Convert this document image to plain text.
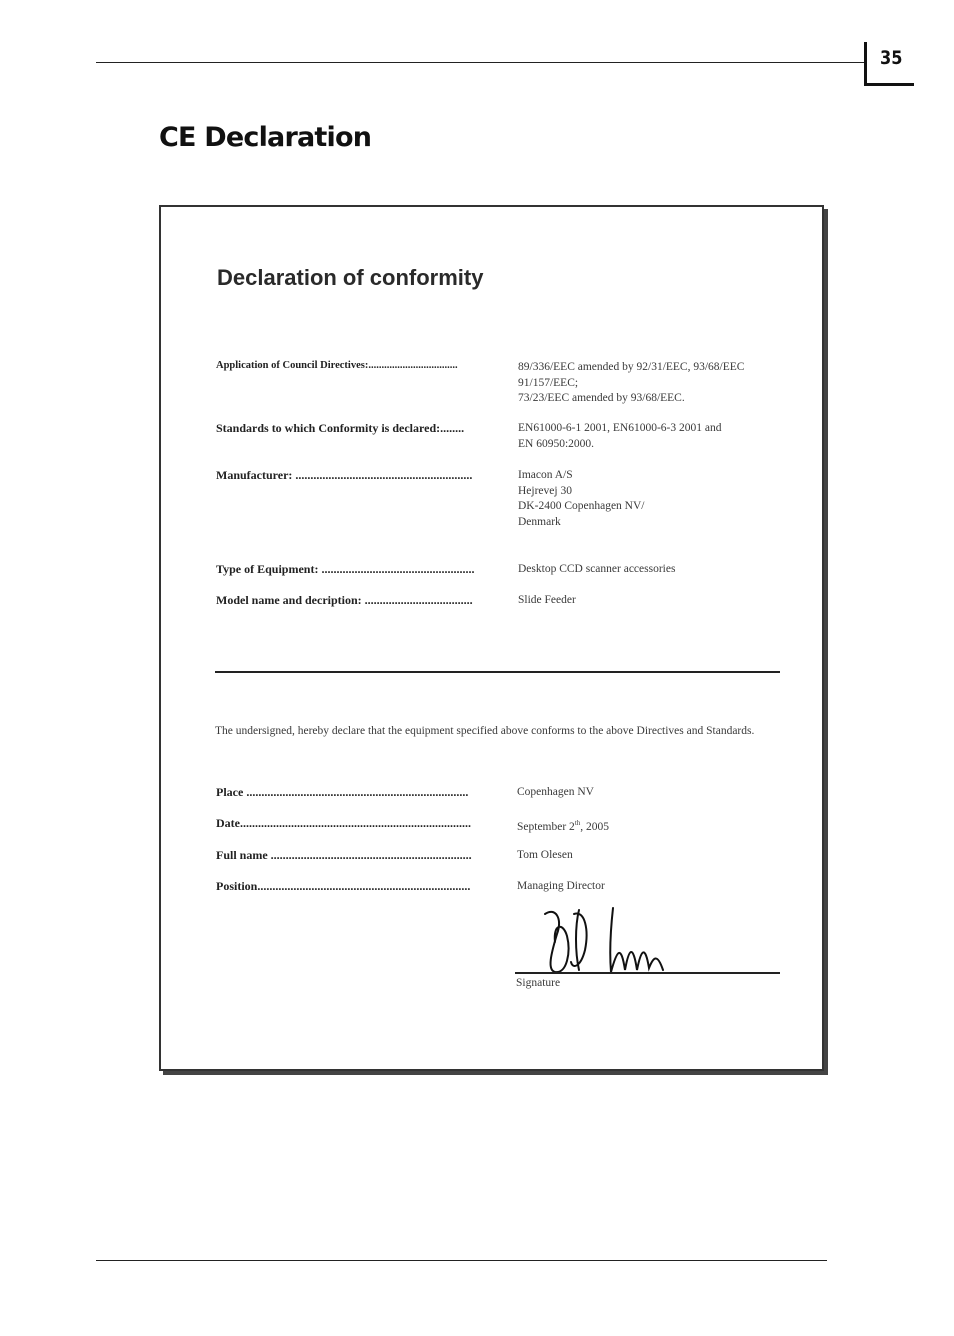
35
CE Declaration
Declaration of conformity
Application of Council Directives:..................................	89/336/EEC amended by 92/31/EEC, 93/68/EEC
91/157/EEC;
73/23/EEC amended by 93/68/EEC.
Standards to which Conformity is declared:........	EN61000-6-1 2001, EN61000-6-3 2001 and
EN 60950:2000.
Manufacturer: ...........................................................	Imacon A/S
Hejrevej 30
DK-2400 Copenhagen NV/
Denmark
Type of Equipment: ...................................................	Desktop CCD scanner accessories
Model name and decription: ....................................	Slide Feeder
The undersigned, hereby declare that the equipment specified above conforms to the above Directives and Standards.
Place ..........................................................................	Copenhagen NV
Date.............................................................................	September 2th, 2005
Full name ...................................................................	Tom Olesen
Position.......................................................................	Managing Director
Signature
